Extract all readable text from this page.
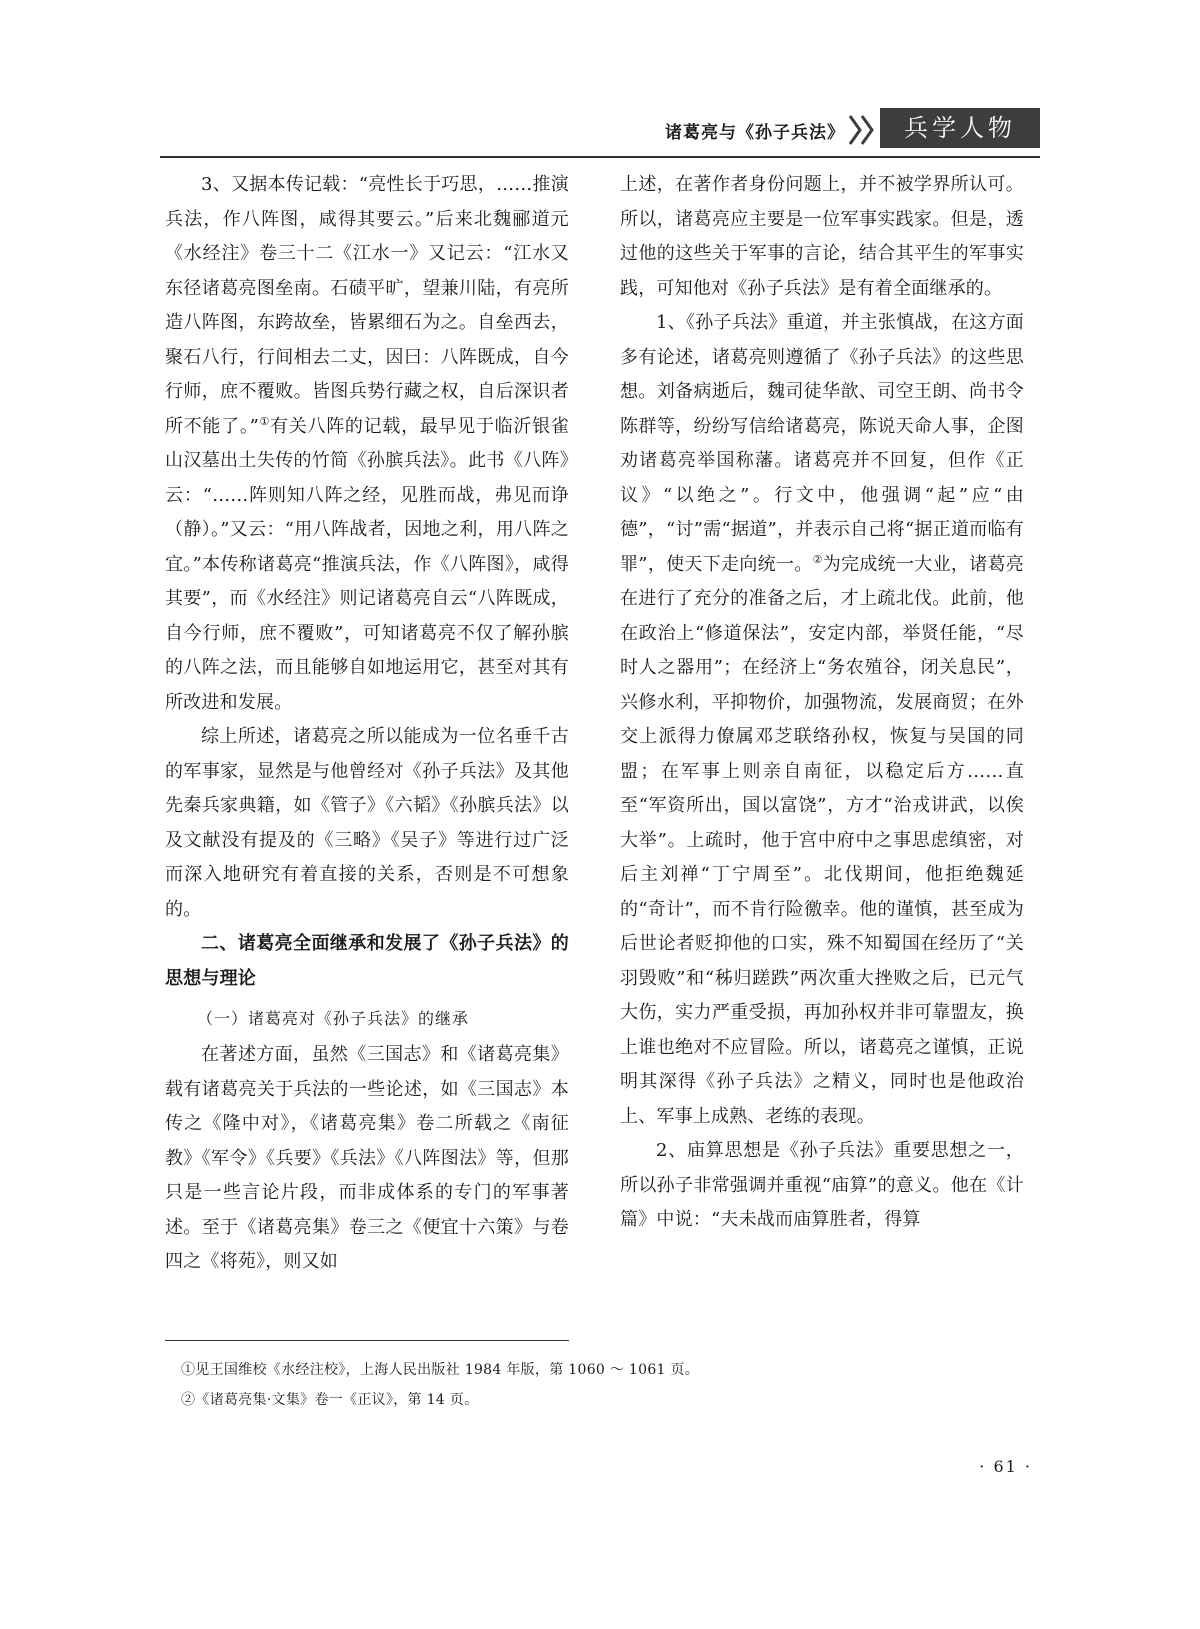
诸葛亮与《孙子兵法》	兵学人物

3、又据本传记载：“亮性长于巧思，……推演兵法，作八阵图，咸得其要云。”后来北魏郦道元《水经注》卷三十二《江水一》又记云：“江水又东径诸葛亮图垒南。石碛平旷，望兼川陆，有亮所造八阵图，东跨故垒，皆累细石为之。自垒西去，聚石八行，行间相去二丈，因曰：八阵既成，自今行师，庶不覆败。皆图兵势行藏之权，自后深识者所不能了。”①有关八阵的记载，最早见于临沂银雀山汉墓出土失传的竹简《孙膑兵法》。此书《八阵》云：“……阵则知八阵之经，见胜而战，弗见而诤（静）。”又云：“用八阵战者，因地之利，用八阵之宜。”本传称诸葛亮“推演兵法，作《八阵图》，咸得其要”，而《水经注》则记诸葛亮自云“八阵既成，自今行师，庶不覆败”，可知诸葛亮不仅了解孙膑的八阵之法，而且能够自如地运用它，甚至对其有所改进和发展。

综上所述，诸葛亮之所以能成为一位名垂千古的军事家，显然是与他曾经对《孙子兵法》及其他先秦兵家典籍，如《管子》《六韬》《孙膑兵法》以及文献没有提及的《三略》《吴子》等进行过广泛而深入地研究有着直接的关系，否则是不可想象的。

二、诸葛亮全面继承和发展了《孙子兵法》的思想与理论

（一）诸葛亮对《孙子兵法》的继承

在著述方面，虽然《三国志》和《诸葛亮集》载有诸葛亮关于兵法的一些论述，如《三国志》本传之《隆中对》，《诸葛亮集》卷二所载之《南征教》《军令》《兵要》《兵法》《八阵图法》等，但那只是一些言论片段，而非成体系的专门的军事著述。至于《诸葛亮集》卷三之《便宜十六策》与卷四之《将苑》，则又如

上述，在著作者身份问题上，并不被学界所认可。所以，诸葛亮应主要是一位军事实践家。但是，透过他的这些关于军事的言论，结合其平生的军事实践，可知他对《孙子兵法》是有着全面继承的。

1、《孙子兵法》重道，并主张慎战，在这方面多有论述，诸葛亮则遵循了《孙子兵法》的这些思想。刘备病逝后，魏司徒华歆、司空王朗、尚书令陈群等，纷纷写信给诸葛亮，陈说天命人事，企图劝诸葛亮举国称藩。诸葛亮并不回复，但作《正议》“以绝之”。行文中，他强调“起”应“由德”，“讨”需“据道”，并表示自己将“据正道而临有罪”，使天下走向统一。②为完成统一大业，诸葛亮在进行了充分的准备之后，才上疏北伐。此前，他在政治上“修道保法”，安定内部，举贤任能，“尽时人之器用”；在经济上“务农殖谷，闭关息民”，兴修水利，平抑物价，加强物流，发展商贸；在外交上派得力僚属邓芝联络孙权，恢复与吴国的同盟；在军事上则亲自南征，以稳定后方……直至“军资所出，国以富饶”，方才“治戎讲武，以俟大举”。上疏时，他于宫中府中之事思虑缜密，对后主刘禅“丁宁周至”。北伐期间，他拒绝魏延的“奇计”，而不肯行险徼幸。他的谨慎，甚至成为后世论者贬抑他的口实，殊不知蜀国在经历了“关羽毁败”和“秭归蹉跌”两次重大挫败之后，已元气大伤，实力严重受损，再加孙权并非可靠盟友，换上谁也绝对不应冒险。所以，诸葛亮之谨慎，正说明其深得《孙子兵法》之精义，同时也是他政治上、军事上成熟、老练的表现。

2、庙算思想是《孙子兵法》重要思想之一，所以孙子非常强调并重视“庙算”的意义。他在《计篇》中说：“夫未战而庙算胜者，得算

①见王国维校《水经注校》，上海人民出版社 1984 年版，第 1060 ～ 1061 页。

②《诸葛亮集·文集》卷一《正议》，第 14 页。

· 61 ·
